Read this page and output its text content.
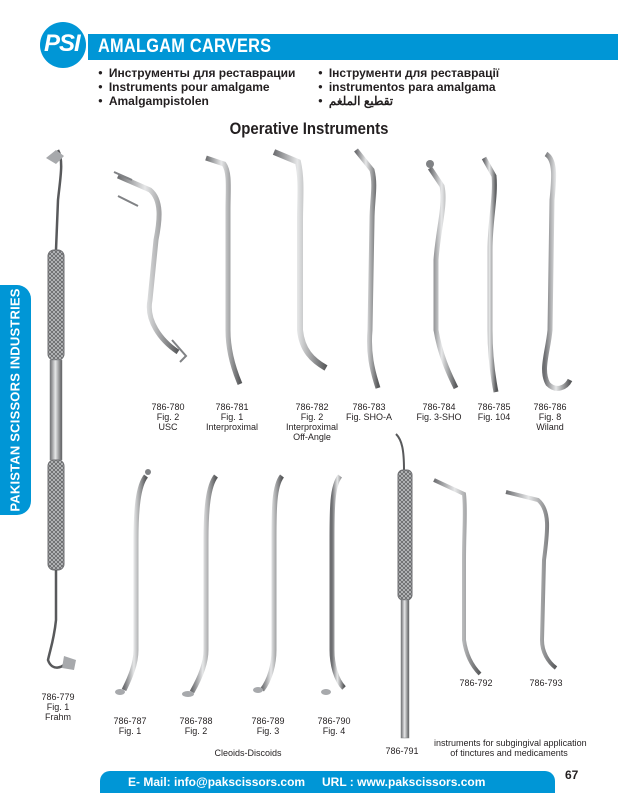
AMALGAM CARVERS
PSI
● Инструменты для реставрации
● Instruments pour amalgame
● Amalgampistolen
● Інструменти для реставрації
● instrumentos para amalgama
● تقطيع الملغم
Operative Instruments
PAKISTAN SCISSORS INDUSTRIES
786-779
Fig. 1
Frahm
786-780
Fig. 2
USC
786-781
Fig. 1
Interproximal
786-782
Fig. 2
Interproximal
Off-Angle
786-783
Fig. SHO-A
786-784
Fig. 3-SHO
786-785
Fig. 104
786-786
Fig. 8
Wiland
786-787
Fig. 1
786-788
Fig. 2
786-789
Fig. 3
786-790
Fig. 4
Cleoids-Discoids	786-791
786-792	786-793
instruments for subgingival application
of tinctures and medicaments
E- Mail: info@pakscissors.com URL : www.pakscissors.com	67
